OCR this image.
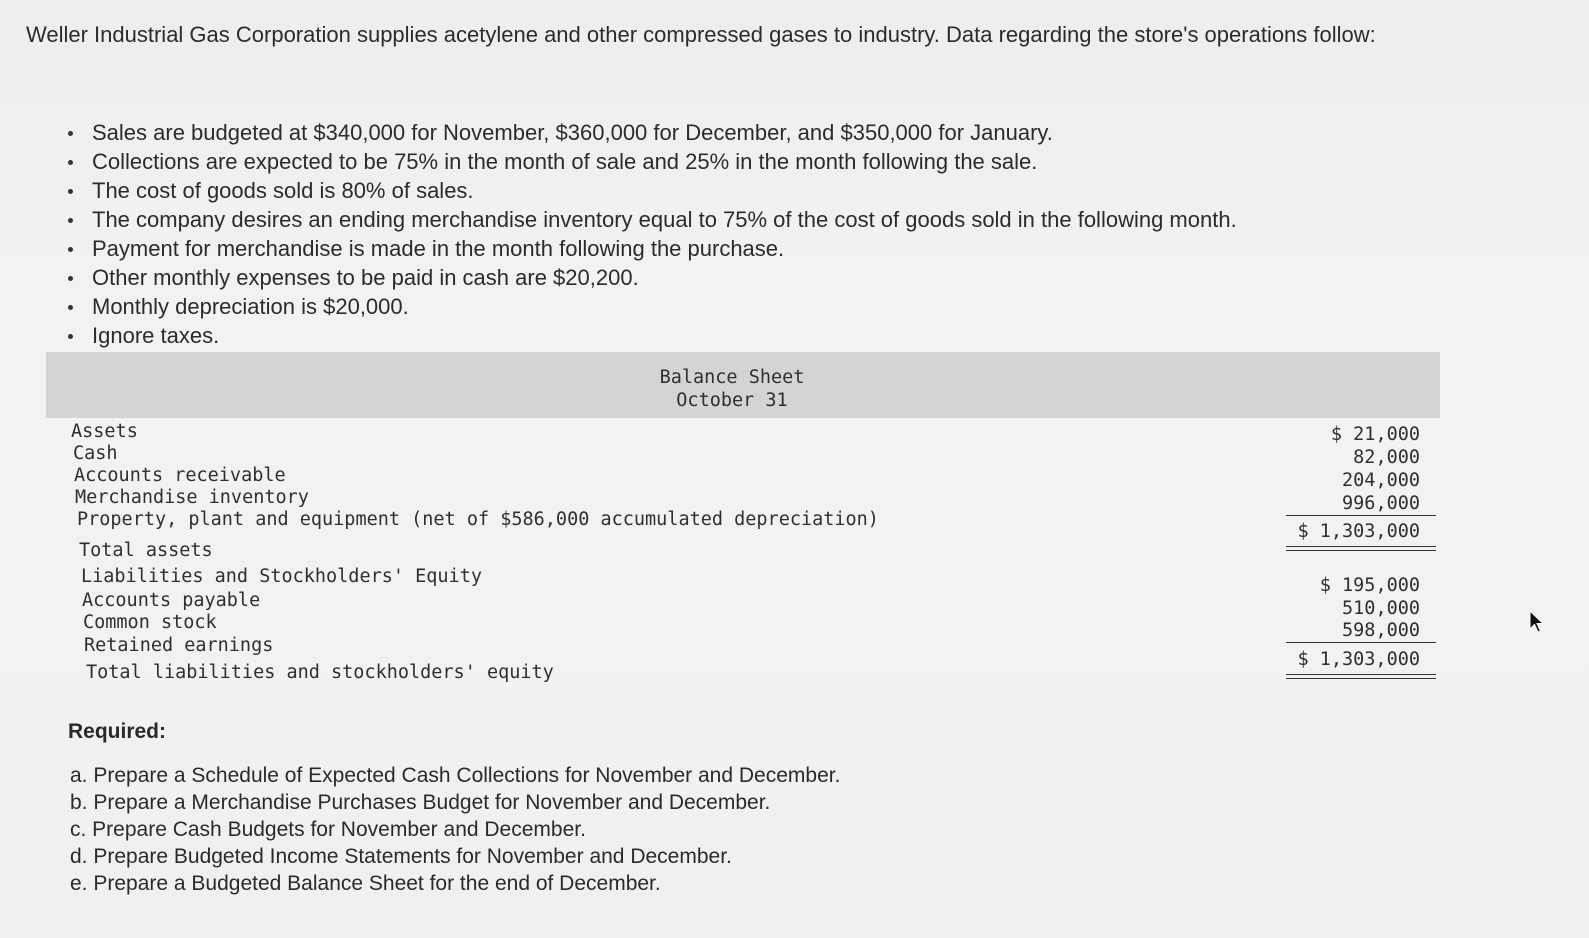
Weller Industrial Gas Corporation supplies acetylene and other compressed gases to industry. Data regarding the store's operations follow:
Sales are budgeted at $340,000 for November, $360,000 for December, and $350,000 for January.
Collections are expected to be 75% in the month of sale and 25% in the month following the sale.
The cost of goods sold is 80% of sales.
The company desires an ending merchandise inventory equal to 75% of the cost of goods sold in the following month.
Payment for merchandise is made in the month following the purchase.
Other monthly expenses to be paid in cash are $20,200.
Monthly depreciation is $20,000.
Ignore taxes.
Balance Sheet
October 31
Assets
Cash
Accounts receivable
Merchandise inventory
Property, plant and equipment (net of $586,000 accumulated depreciation)
Total assets
$ 21,000
82,000
204,000
996,000
$ 1,303,000
Liabilities and Stockholders' Equity
Accounts payable
Common stock
Retained earnings
Total liabilities and stockholders' equity
$ 195,000
510,000
598,000
$ 1,303,000
Required:
a. Prepare a Schedule of Expected Cash Collections for November and December.
b. Prepare a Merchandise Purchases Budget for November and December.
c. Prepare Cash Budgets for November and December.
d. Prepare Budgeted Income Statements for November and December.
e. Prepare a Budgeted Balance Sheet for the end of December.
